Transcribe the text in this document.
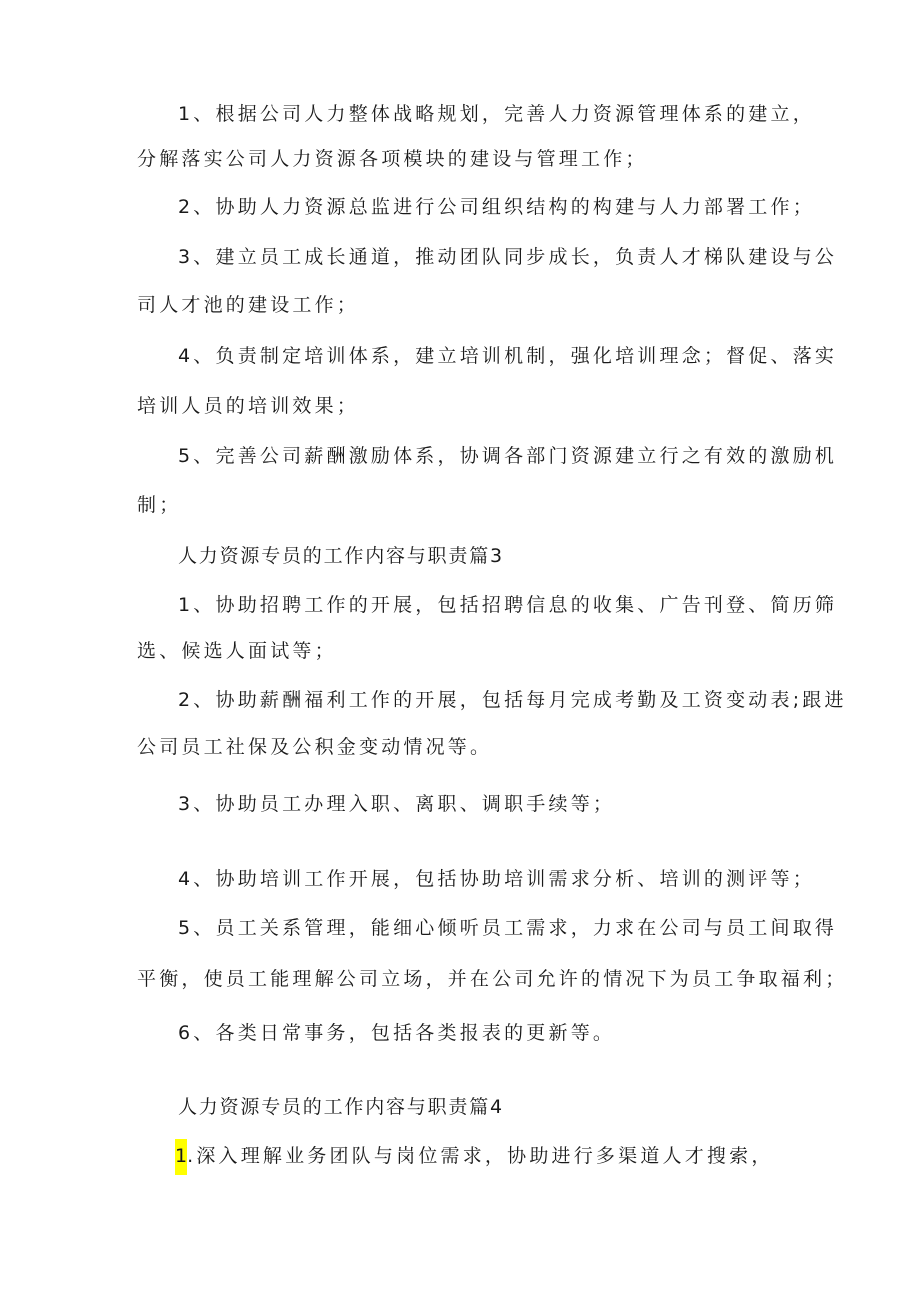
1、根据公司人力整体战略规划，完善人力资源管理体系的建立，
分解落实公司人力资源各项模块的建设与管理工作；
2、协助人力资源总监进行公司组织结构的构建与人力部署工作；
3、建立员工成长通道，推动团队同步成长，负责人才梯队建设与公
司人才池的建设工作；
4、负责制定培训体系，建立培训机制，强化培训理念；督促、落实
培训人员的培训效果；
5、完善公司薪酬激励体系，协调各部门资源建立行之有效的激励机
制；
人力资源专员的工作内容与职责篇3
1、协助招聘工作的开展，包括招聘信息的收集、广告刊登、简历筛
选、候选人面试等；
2、协助薪酬福利工作的开展，包括每月完成考勤及工资变动表;跟进
公司员工社保及公积金变动情况等。
3、协助员工办理入职、离职、调职手续等；
4、协助培训工作开展，包括协助培训需求分析、培训的测评等；
5、员工关系管理，能细心倾听员工需求，力求在公司与员工间取得
平衡，使员工能理解公司立场，并在公司允许的情况下为员工争取福利；
6、各类日常事务，包括各类报表的更新等。
人力资源专员的工作内容与职责篇4
1.深入理解业务团队与岗位需求，协助进行多渠道人才搜索，
